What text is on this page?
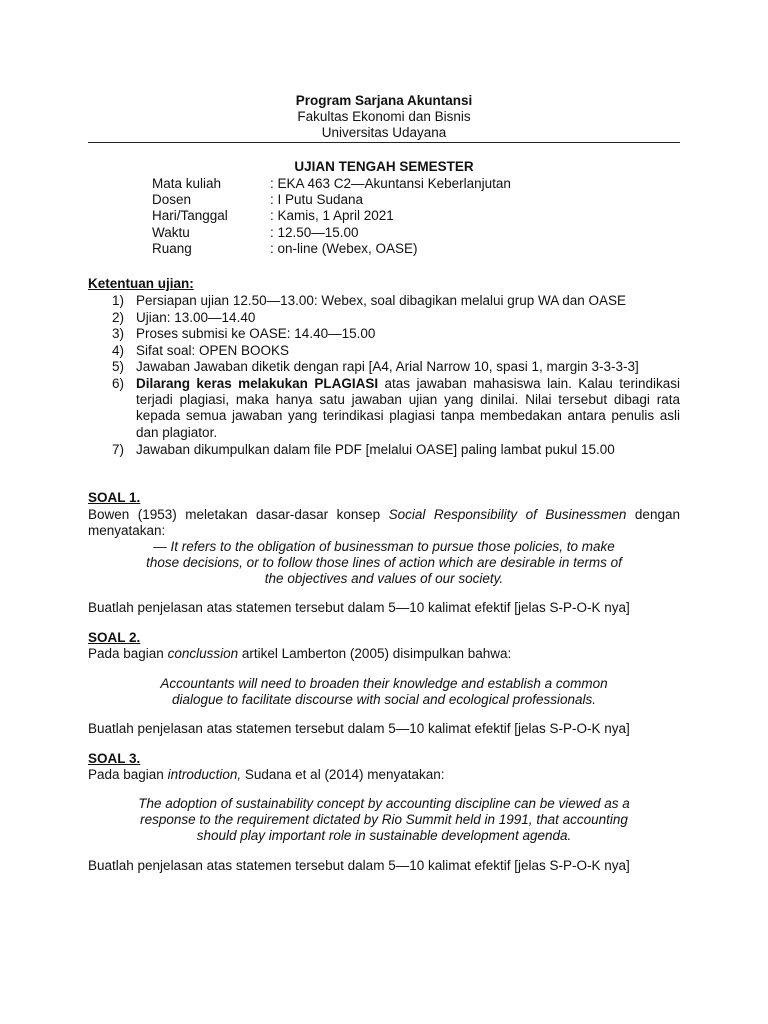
Program Sarjana Akuntansi
Fakultas Ekonomi dan Bisnis
Universitas Udayana
UJIAN TENGAH SEMESTER
Mata kuliah	: EKA 463 C2—Akuntansi Keberlanjutan
Dosen	: I Putu Sudana
Hari/Tanggal	: Kamis, 1 April 2021
Waktu	: 12.50—15.00
Ruang	: on-line (Webex, OASE)
Ketentuan ujian:
1) Persiapan ujian 12.50—13.00: Webex, soal dibagikan melalui grup WA dan OASE
2) Ujian: 13.00—14.40
3) Proses submisi ke OASE: 14.40—15.00
4) Sifat soal: OPEN BOOKS
5) Jawaban Jawaban diketik dengan rapi [A4, Arial Narrow 10, spasi 1, margin 3-3-3-3]
6) Dilarang keras melakukan PLAGIASI atas jawaban mahasiswa lain. Kalau terindikasi terjadi plagiasi, maka hanya satu jawaban ujian yang dinilai. Nilai tersebut dibagi rata kepada semua jawaban yang terindikasi plagiasi tanpa membedakan antara penulis asli dan plagiator.
7) Jawaban dikumpulkan dalam file PDF [melalui OASE] paling lambat pukul 15.00
SOAL 1.
Bowen (1953) meletakan dasar-dasar konsep Social Responsibility of Businessmen dengan menyatakan:
— It refers to the obligation of businessman to pursue those policies, to make
those decisions, or to follow those lines of action which are desirable in terms of
the objectives and values of our society.
Buatlah penjelasan atas statemen tersebut dalam 5—10 kalimat efektif [jelas S-P-O-K nya]
SOAL 2.
Pada bagian conclussion artikel Lamberton (2005) disimpulkan bahwa:
Accountants will need to broaden their knowledge and establish a common
dialogue to facilitate discourse with social and ecological professionals.
Buatlah penjelasan atas statemen tersebut dalam 5—10 kalimat efektif [jelas S-P-O-K nya]
SOAL 3.
Pada bagian introduction, Sudana et al (2014) menyatakan:
The adoption of sustainability concept by accounting discipline can be viewed as a
response to the requirement dictated by Rio Summit held in 1991, that accounting
should play important role in sustainable development agenda.
Buatlah penjelasan atas statemen tersebut dalam 5—10 kalimat efektif [jelas S-P-O-K nya]
